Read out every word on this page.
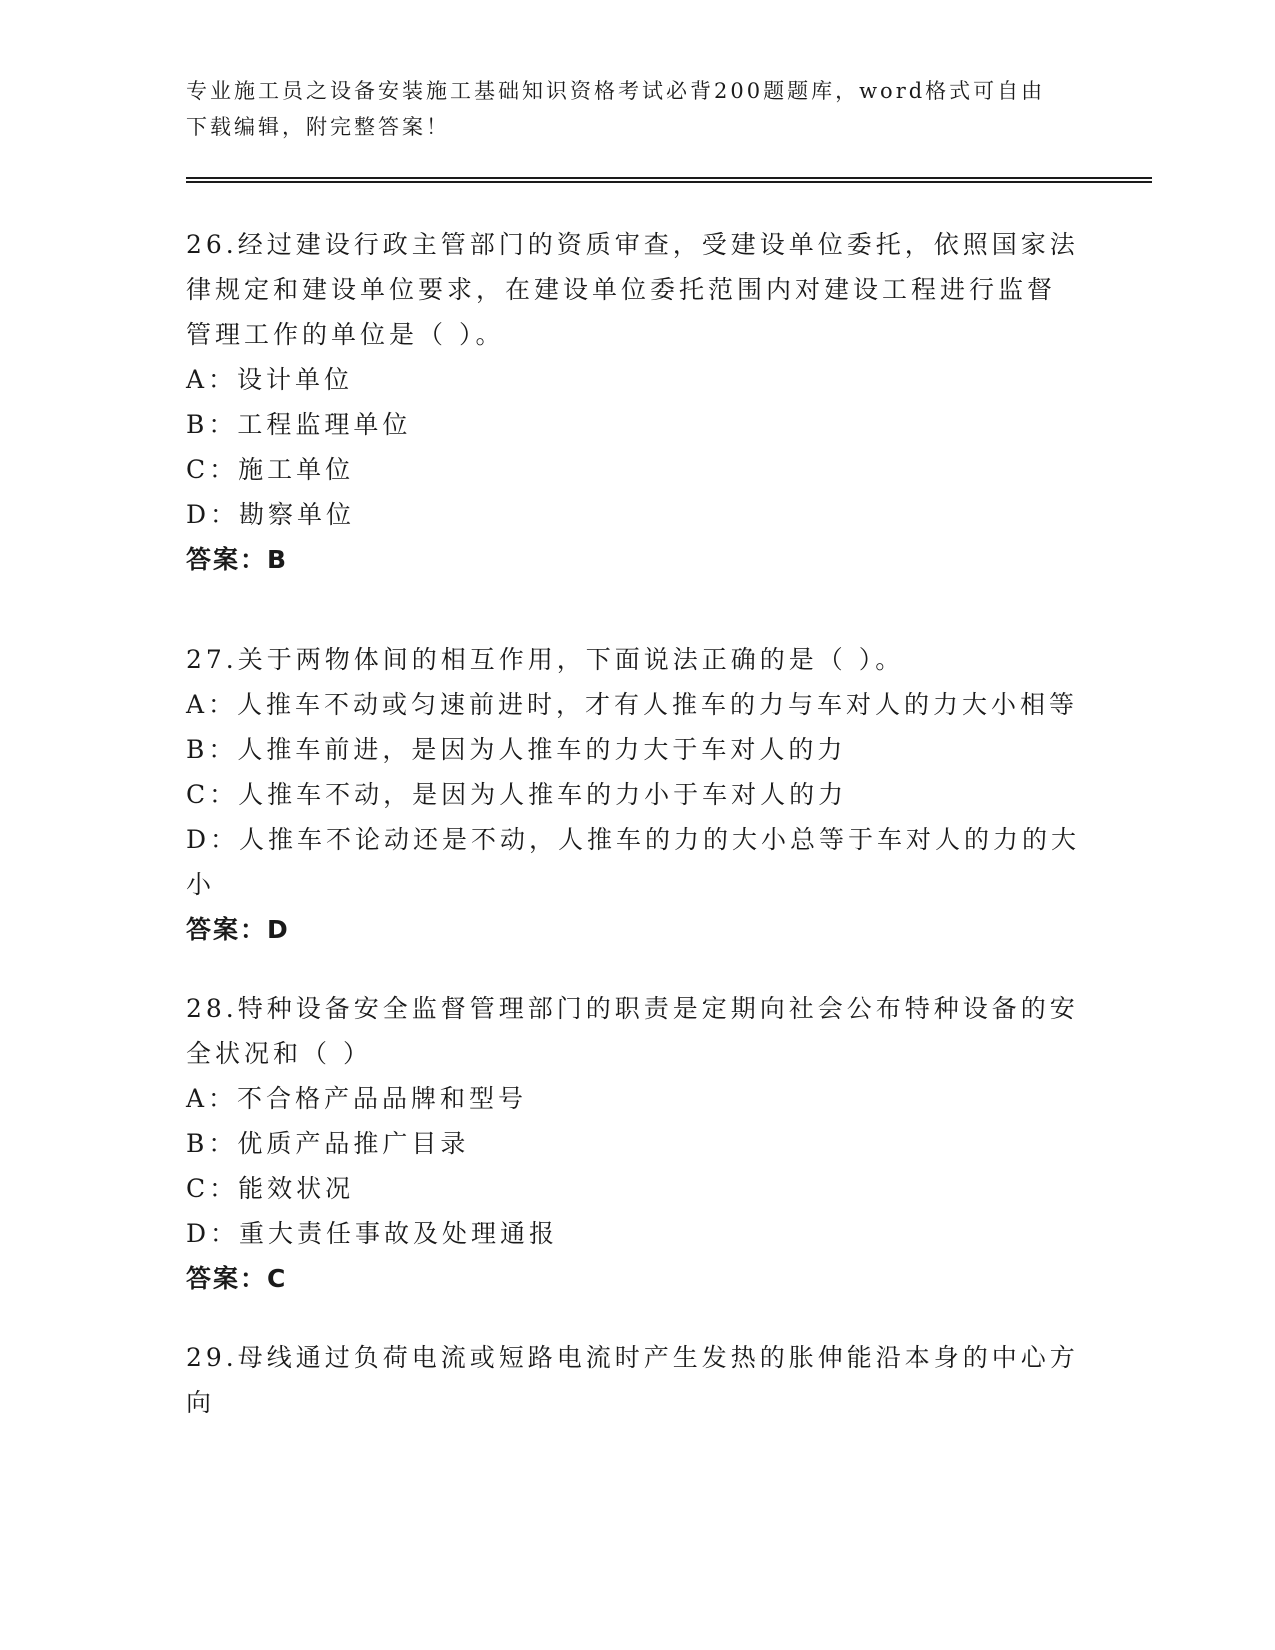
专业施工员之设备安装施工基础知识资格考试必背200题题库，word格式可自由
下载编辑，附完整答案！
26.经过建设行政主管部门的资质审查，受建设单位委托，依照国家法
律规定和建设单位要求，在建设单位委托范围内对建设工程进行监督
管理工作的单位是（ ）。
A：设计单位
B：工程监理单位
C：施工单位
D：勘察单位
答案：B
27.关于两物体间的相互作用，下面说法正确的是（ ）。
A：人推车不动或匀速前进时，才有人推车的力与车对人的力大小相等
B：人推车前进，是因为人推车的力大于车对人的力
C：人推车不动，是因为人推车的力小于车对人的力
D：人推车不论动还是不动，人推车的力的大小总等于车对人的力的大
小
答案：D
28.特种设备安全监督管理部门的职责是定期向社会公布特种设备的安
全状况和（ ）
A：不合格产品品牌和型号
B：优质产品推广目录
C：能效状况
D：重大责任事故及处理通报
答案：C
29.母线通过负荷电流或短路电流时产生发热的胀伸能沿本身的中心方
向
